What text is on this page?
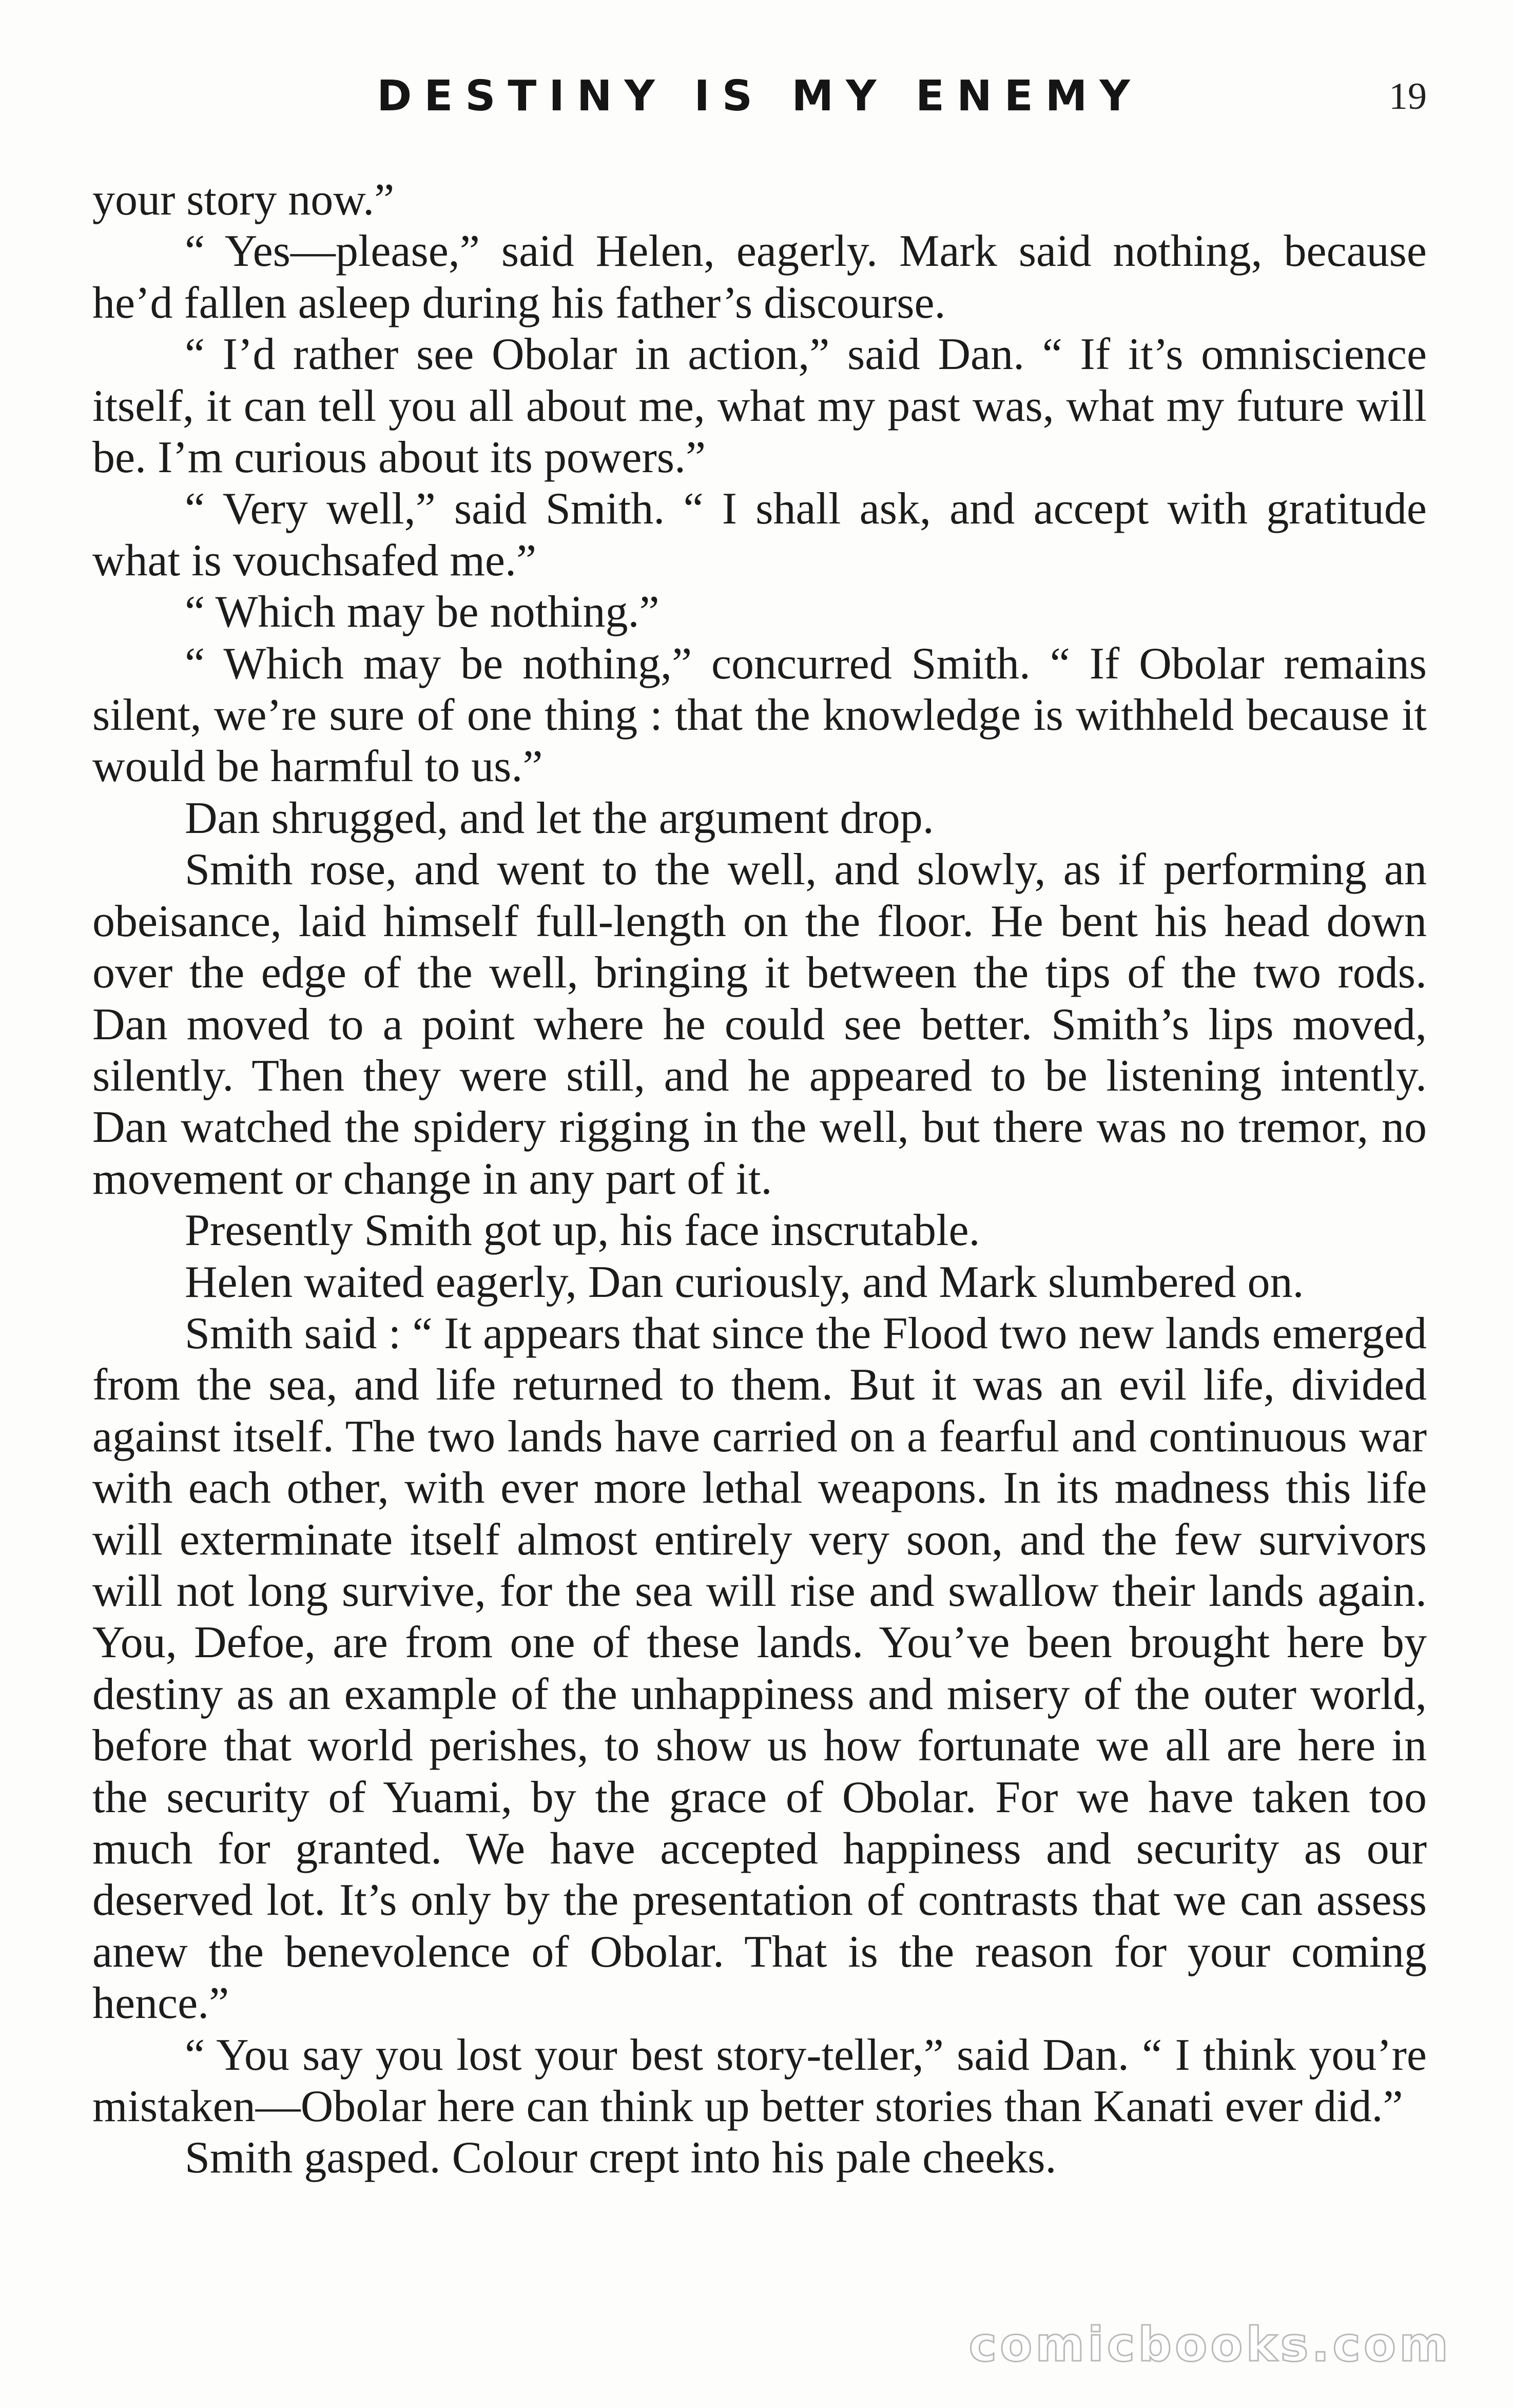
DESTINY IS MY ENEMY	19

your story now.”

“ Yes—please,” said Helen, eagerly. Mark said nothing, because he’d fallen asleep during his father’s discourse.

“ I’d rather see Obolar in action,” said Dan. “ If it’s omniscience itself, it can tell you all about me, what my past was, what my future will be. I’m curious about its powers.”

“ Very well,” said Smith. “ I shall ask, and accept with gratitude what is vouchsafed me.”

“ Which may be nothing.”

“ Which may be nothing,” concurred Smith. “ If Obolar remains silent, we’re sure of one thing : that the knowledge is withheld because it would be harmful to us.”

Dan shrugged, and let the argument drop.

Smith rose, and went to the well, and slowly, as if performing an obeisance, laid himself full-length on the floor. He bent his head down over the edge of the well, bringing it between the tips of the two rods. Dan moved to a point where he could see better. Smith’s lips moved, silently. Then they were still, and he appeared to be listening intently. Dan watched the spidery rigging in the well, but there was no tremor, no movement or change in any part of it.

Presently Smith got up, his face inscrutable.

Helen waited eagerly, Dan curiously, and Mark slumbered on.

Smith said : “ It appears that since the Flood two new lands emerged from the sea, and life returned to them. But it was an evil life, divided against itself. The two lands have carried on a fearful and continuous war with each other, with ever more lethal weapons. In its madness this life will exterminate itself almost entirely very soon, and the few survivors will not long survive, for the sea will rise and swallow their lands again. You, Defoe, are from one of these lands. You’ve been brought here by destiny as an example of the unhappiness and misery of the outer world, before that world perishes, to show us how fortunate we all are here in the security of Yuami, by the grace of Obolar. For we have taken too much for granted. We have accepted happiness and security as our deserved lot. It’s only by the presentation of contrasts that we can assess anew the benevolence of Obolar. That is the reason for your coming hence.”

“ You say you lost your best story-teller,” said Dan. “ I think you’re mistaken—Obolar here can think up better stories than Kanati ever did.”

Smith gasped. Colour crept into his pale cheeks.

comicbooks.com
